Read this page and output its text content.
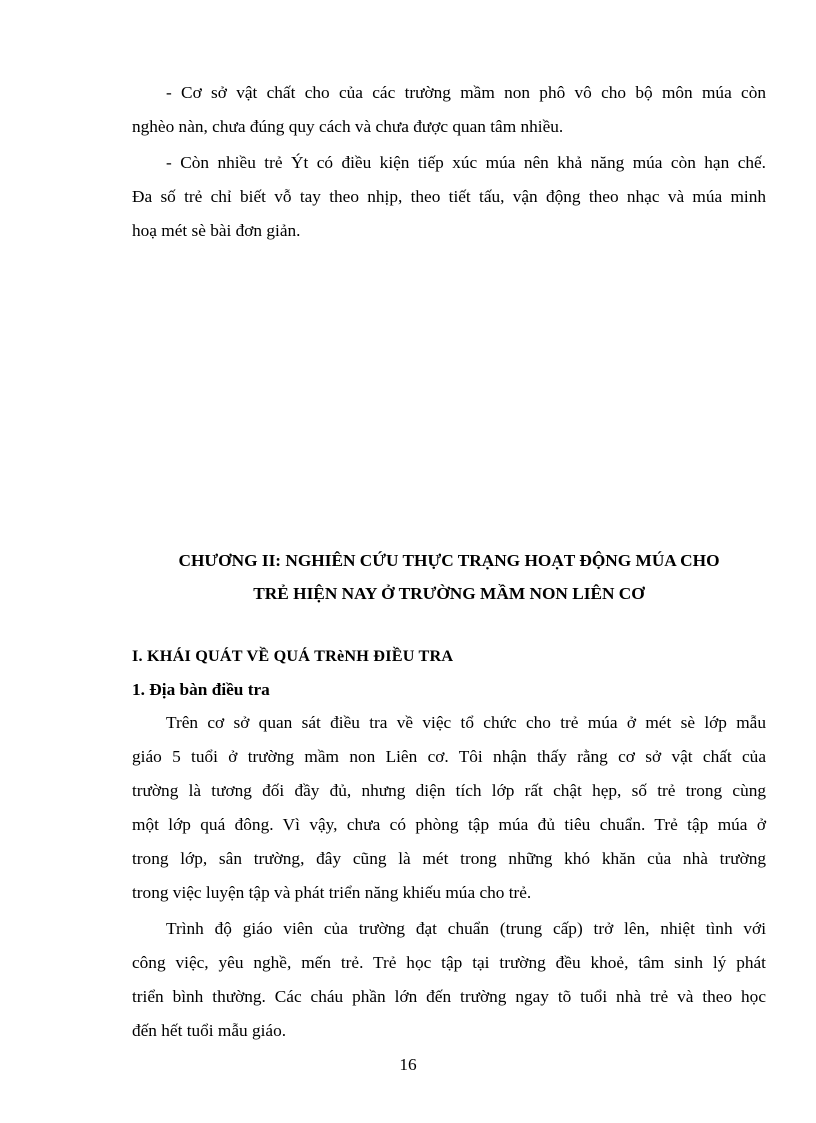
- Cơ sở vật chất cho của các trường mầm non phô vô cho bộ môn múa còn
nghèo nàn, chưa đúng quy cách và chưa được quan tâm nhiều.

- Còn nhiều trẻ Ýt có điều kiện tiếp xúc múa nên khả năng múa còn hạn chế.
Đa số trẻ chỉ biết vỗ tay theo nhịp, theo tiết tấu, vận động theo nhạc và múa minh
hoạ mét sè bài đơn giản.

CHƯƠNG II: NGHIÊN CỨU THỰC TRẠNG HOẠT ĐỘNG MÚA CHO
TRẺ HIỆN NAY Ở TRƯỜNG MẦM NON LIÊN CƠ
I. KHÁI QUÁT VỀ QUÁ TRèNH ĐIỀU TRA
1. Địa bàn điều tra

Trên cơ sở quan sát điều tra về việc tổ chức cho trẻ múa ở mét sè lớp mẫu
giáo 5 tuổi ở trường mầm non Liên cơ. Tôi nhận thấy rằng cơ sở vật chất của
trường là tương đối đầy đủ, nhưng diện tích lớp rất chật hẹp, số trẻ trong cùng
một lớp quá đông. Vì vậy, chưa có phòng tập múa đủ tiêu chuẩn. Trẻ tập múa ở
trong lớp, sân trường, đây cũng là mét trong những khó khăn của nhà trường
trong việc luyện tập và phát triển năng khiếu múa cho trẻ.

Trình độ giáo viên của trường đạt chuẩn (trung cấp) trở lên, nhiệt tình với
công việc, yêu nghề, mến trẻ. Trẻ học tập tại trường đều khoẻ, tâm sinh lý phát
triển bình thường. Các cháu phần lớn đến trường ngay tõ tuổi nhà trẻ và theo học
đến hết tuổi mẫu giáo.

16
